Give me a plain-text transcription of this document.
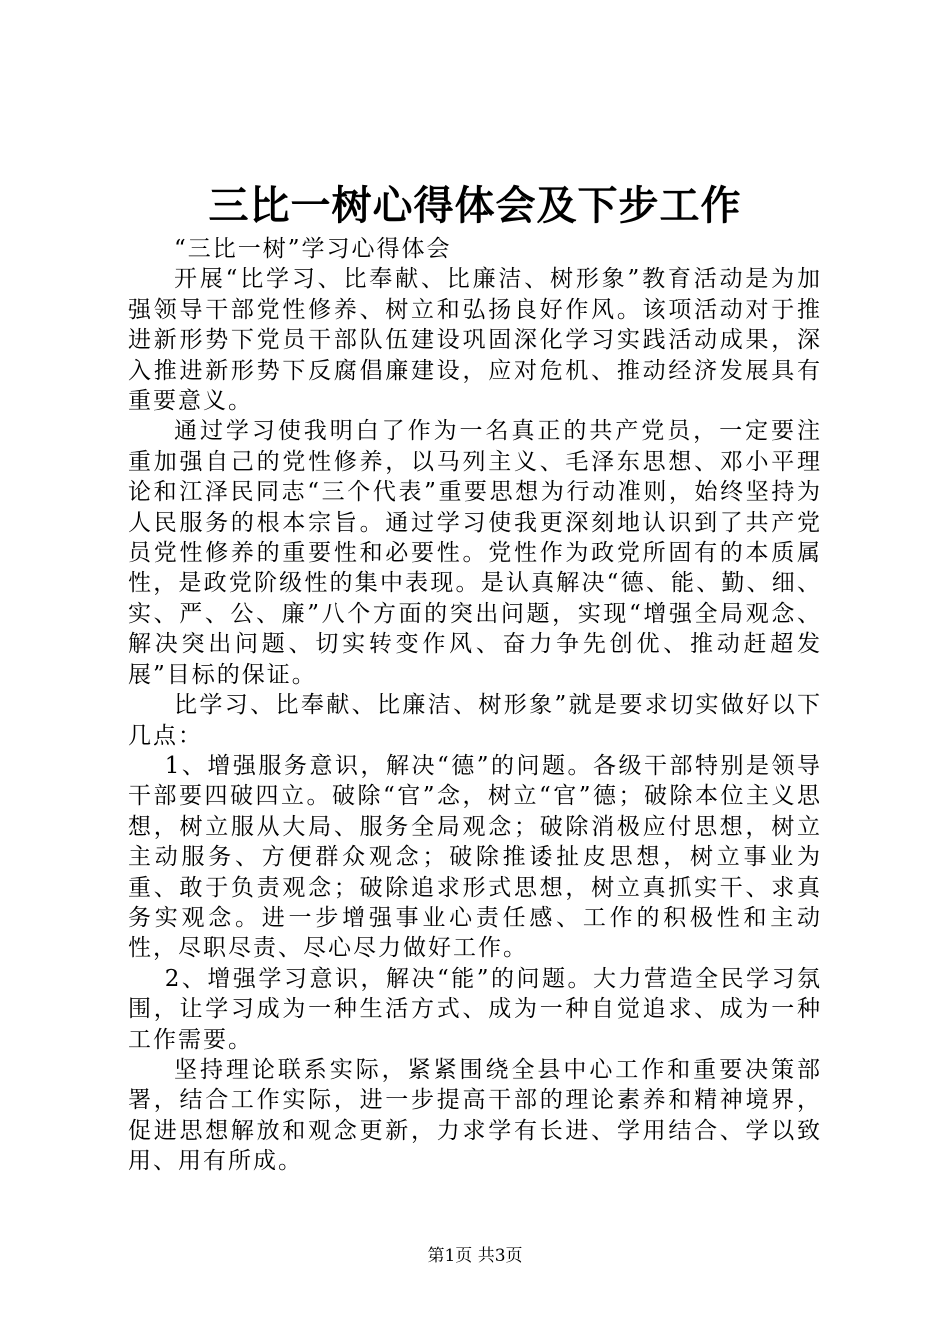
三比一树心得体会及下步工作

“三比一树”学习心得体会

开展“比学习、比奉献、比廉洁、树形象”教育活动是为加强领导干部党性修养、树立和弘扬良好作风。该项活动对于推进新形势下党员干部队伍建设巩固深化学习实践活动成果，深入推进新形势下反腐倡廉建设，应对危机、推动经济发展具有重要意义。

通过学习使我明白了作为一名真正的共产党员，一定要注重加强自己的党性修养，以马列主义、毛泽东思想、邓小平理论和江泽民同志“三个代表”重要思想为行动准则，始终坚持为人民服务的根本宗旨。通过学习使我更深刻地认识到了共产党员党性修养的重要性和必要性。党性作为政党所固有的本质属性，是政党阶级性的集中表现。是认真解决“德、能、勤、细、实、严、公、廉”八个方面的突出问题，实现“增强全局观念、解决突出问题、切实转变作风、奋力争先创优、推动赶超发展”目标的保证。

比学习、比奉献、比廉洁、树形象”就是要求切实做好以下几点：

1、增强服务意识，解决“德”的问题。各级干部特别是领导干部要四破四立。破除“官”念，树立“官”德；破除本位主义思想，树立服从大局、服务全局观念；破除消极应付思想，树立主动服务、方便群众观念；破除推诿扯皮思想，树立事业为重、敢于负责观念；破除追求形式思想，树立真抓实干、求真务实观念。进一步增强事业心责任感、工作的积极性和主动性，尽职尽责、尽心尽力做好工作。

2、增强学习意识，解决“能”的问题。大力营造全民学习氛围，让学习成为一种生活方式、成为一种自觉追求、成为一种工作需要。

坚持理论联系实际，紧紧围绕全县中心工作和重要决策部署，结合工作实际，进一步提高干部的理论素养和精神境界，促进思想解放和观念更新，力求学有长进、学用结合、学以致用、用有所成。

第1页 共3页
